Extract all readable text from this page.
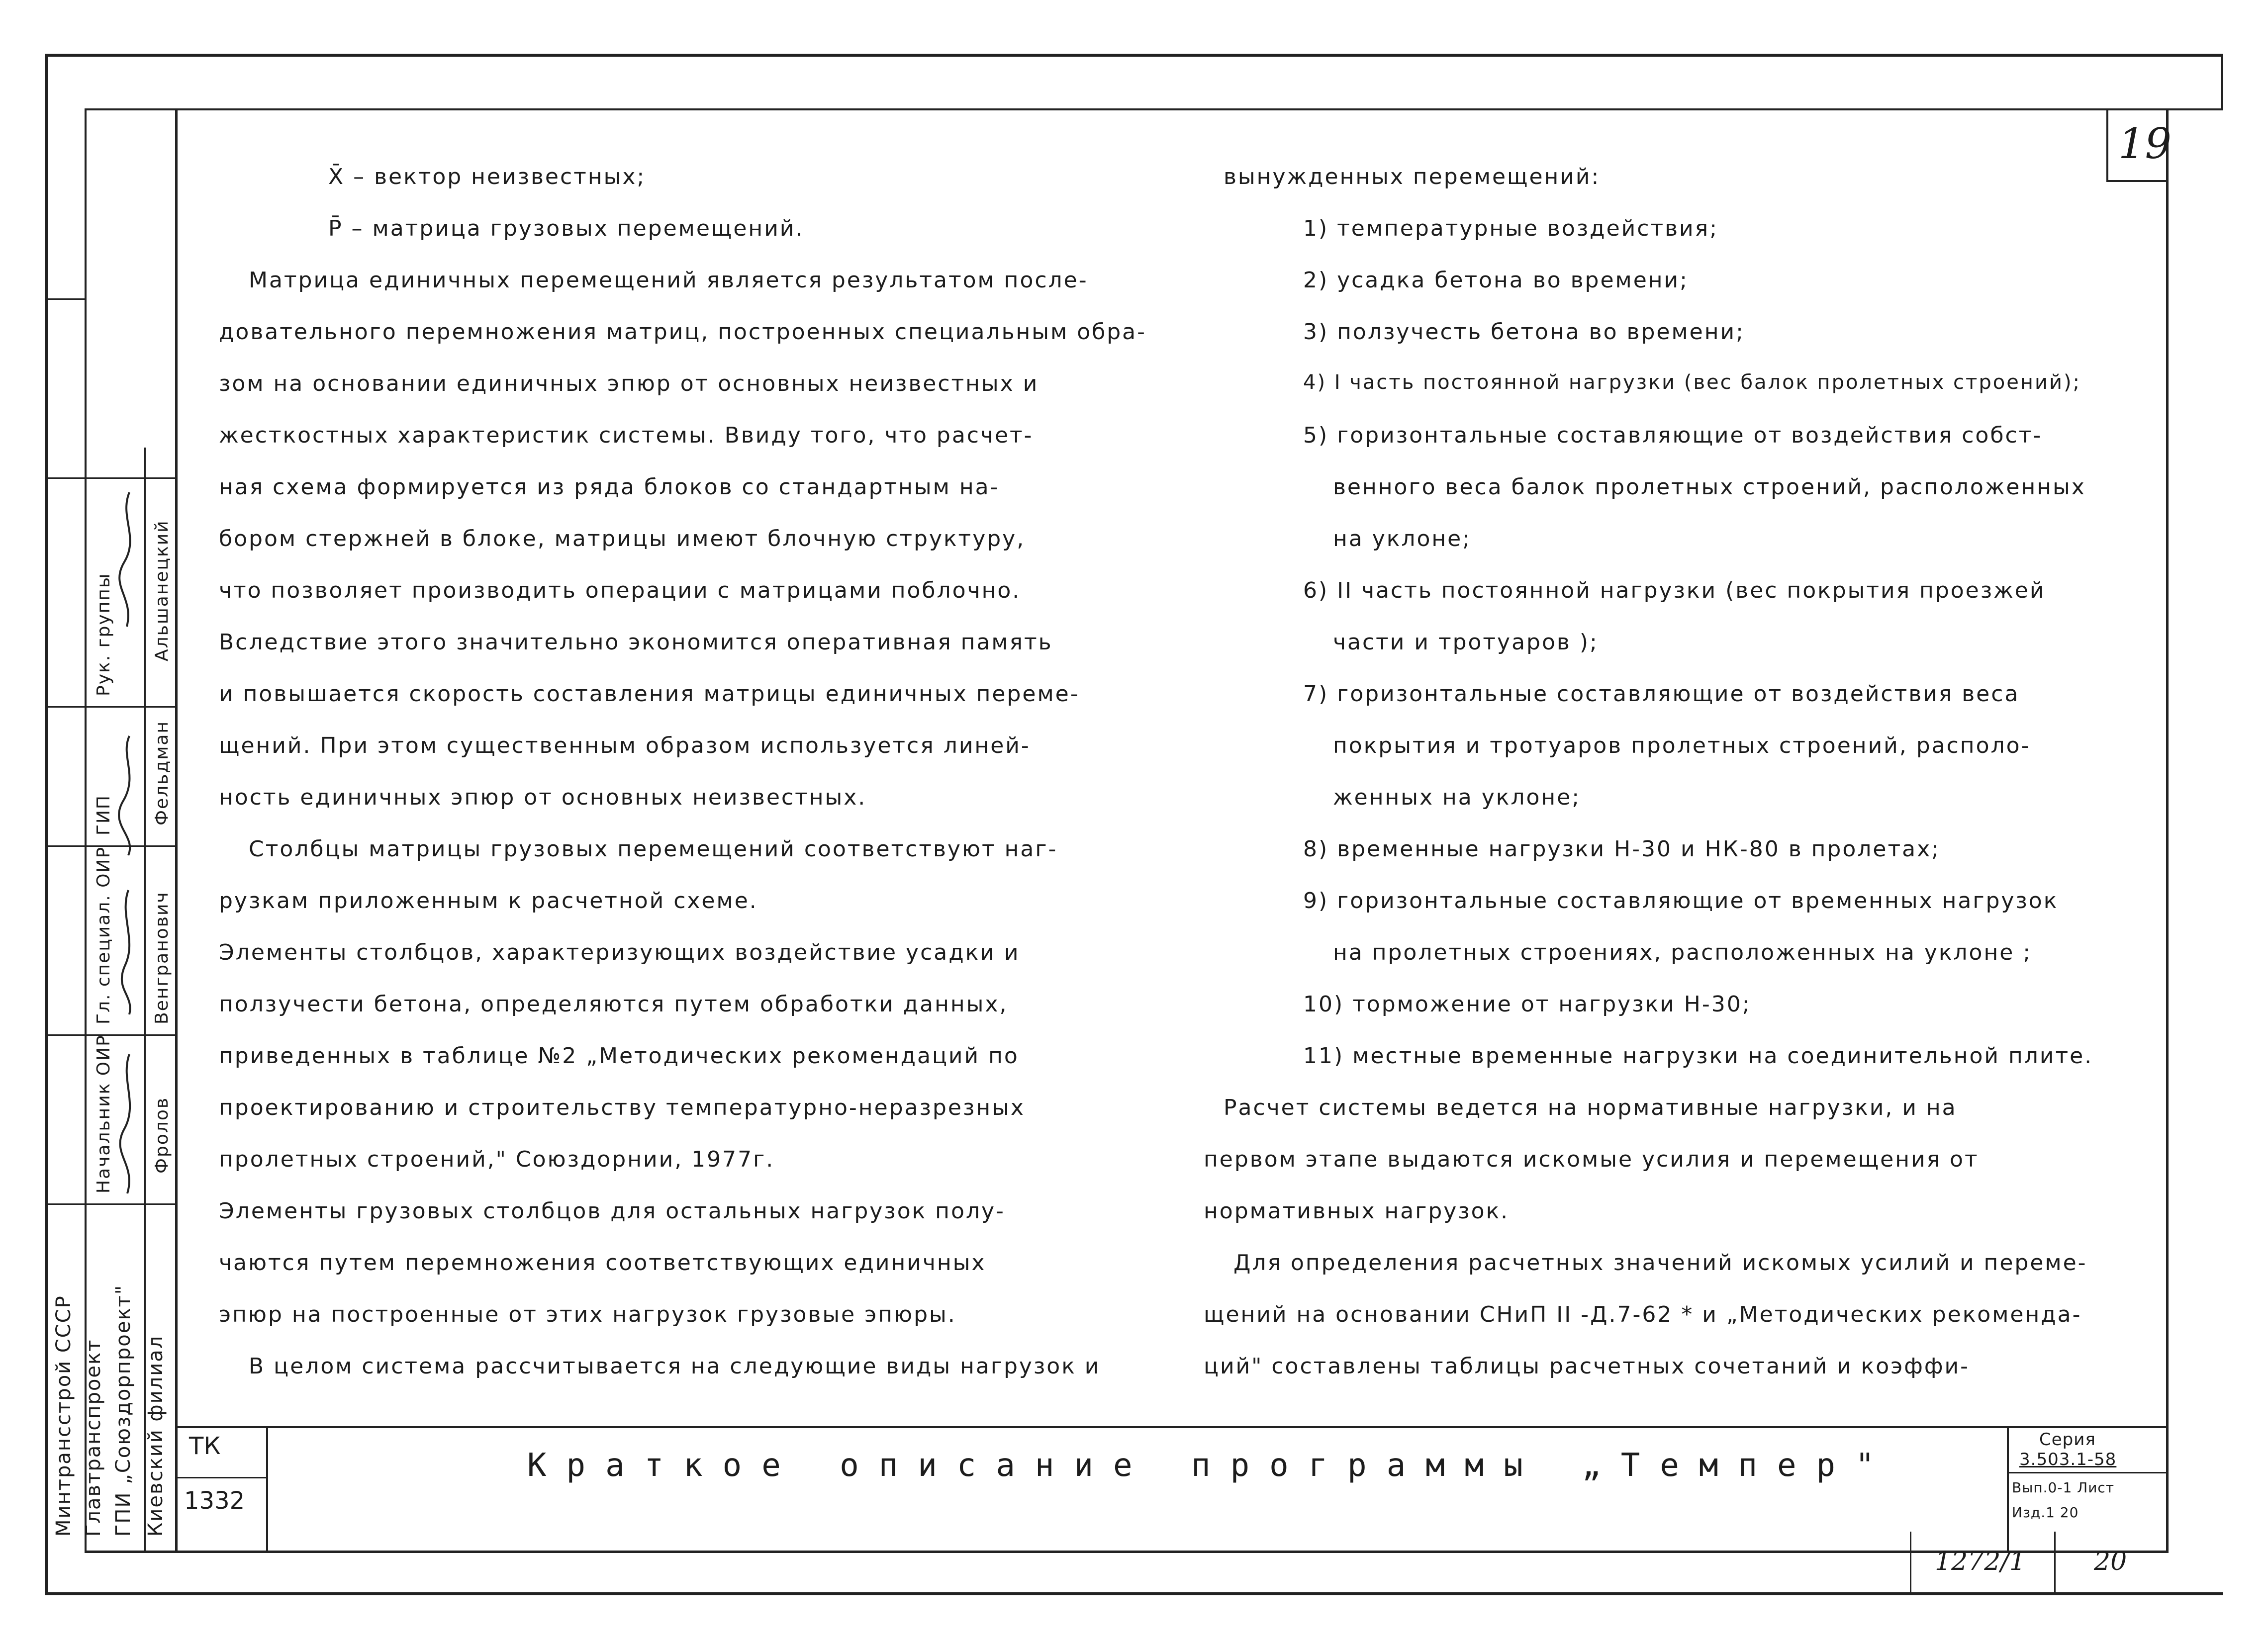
19
Рук. группы
ГИП
Гл. специал. ОИР
Начальник ОИР
Альшанецкий
Фельдман
Венгранович
Фролов
Минтрансстрой СССР Главтранспроект ГПИ „Союздорпроект" Киевский филиал
X̄ – вектор неизвестных;
P̄ – матрица грузовых перемещений.
Матрица единичных перемещений является результатом после-
довательного перемножения матриц, построенных специальным обра-
зом на основании единичных эпюр от основных неизвестных и
жесткостных характеристик системы. Ввиду того, что расчет-
ная схема формируется из ряда блоков со стандартным на-
бором стержней в блоке, матрицы имеют блочную структуру,
что позволяет производить операции с матрицами поблочно.
Вследствие этого значительно экономится оперативная память
и повышается скорость составления матрицы единичных переме-
щений. При этом существенным образом используется линей-
ность единичных эпюр от основных неизвестных.
Столбцы матрицы грузовых перемещений соответствуют наг-
рузкам приложенным к расчетной схеме.
Элементы столбцов, характеризующих воздействие усадки и
ползучести бетона, определяются путем обработки данных,
приведенных в таблице №2 „Методических рекомендаций по
проектированию и строительству температурно-неразрезных
пролетных строений," Союздорнии, 1977г.
Элементы грузовых столбцов для остальных нагрузок полу-
чаются путем перемножения соответствующих единичных
эпюр на построенные от этих нагрузок грузовые эпюры.
В целом система рассчитывается на следующие виды нагрузок и
вынужденных перемещений:
1) температурные воздействия;
2) усадка бетона во времени;
3) ползучесть бетона во времени;
4) I часть постоянной нагрузки (вес балок пролетных строений);
5) горизонтальные составляющие от воздействия собст-
венного веса балок пролетных строений, расположенных
на уклоне;
6) II часть постоянной нагрузки (вес покрытия проезжей
части и тротуаров );
7) горизонтальные составляющие от воздействия веса
покрытия и тротуаров пролетных строений, располо-
женных на уклоне;
8) временные нагрузки Н-30 и НК-80 в пролетах;
9) горизонтальные составляющие от временных нагрузок
на пролетных строениях, расположенных на уклоне ;
10) торможение от нагрузки Н-30;
11) местные временные нагрузки на соединительной плите.
Расчет системы ведется на нормативные нагрузки, и на
первом этапе выдаются искомые усилия и перемещения от
нормативных нагрузок.
Для определения расчетных значений искомых усилий и переме-
щений на основании СНиП II -Д.7-62 * и „Методических рекоменда-
ций" составлены таблицы расчетных сочетаний и коэффи-
ТК
1332
Краткое описание программы „Темпер"
Серия
3.503.1-58
Вып.0-1 Лист
Изд.1 20
1272/1	20
